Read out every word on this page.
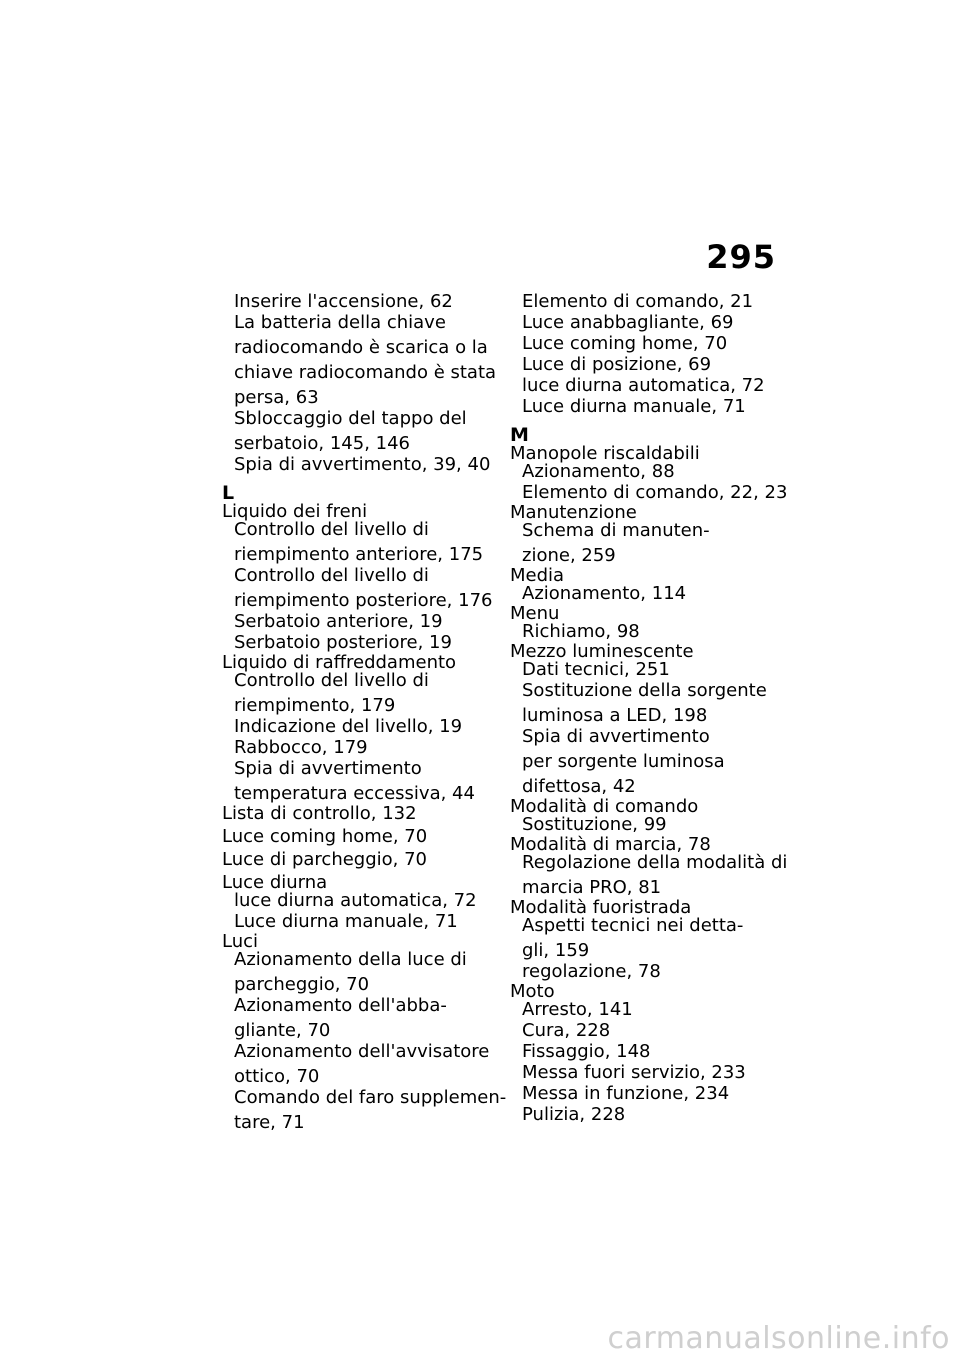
295
Inserire l'accensione, 62
La batteria della chiave
radiocomando è scarica o la
chiave radiocomando è stata
persa, 63
Sbloccaggio del tappo del
serbatoio, 145, 146
Spia di avvertimento, 39, 40
L
Liquido dei freni
Controllo del livello di
riempimento anteriore, 175
Controllo del livello di
riempimento posteriore, 176
Serbatoio anteriore, 19
Serbatoio posteriore, 19
Liquido di raffreddamento
Controllo del livello di
riempimento, 179
Indicazione del livello, 19
Rabbocco, 179
Spia di avvertimento
temperatura eccessiva, 44
Lista di controllo, 132
Luce coming home, 70
Luce di parcheggio, 70
Luce diurna
luce diurna automatica, 72
Luce diurna manuale, 71
Luci
Azionamento della luce di
parcheggio, 70
Azionamento dell'abba-
gliante, 70
Azionamento dell'avvisatore
ottico, 70
Comando del faro supplemen-
tare, 71
Elemento di comando, 21
Luce anabbagliante, 69
Luce coming home, 70
Luce di posizione, 69
luce diurna automatica, 72
Luce diurna manuale, 71
M
Manopole riscaldabili
Azionamento, 88
Elemento di comando, 22, 23
Manutenzione
Schema di manuten-
zione, 259
Media
Azionamento, 114
Menu
Richiamo, 98
Mezzo luminescente
Dati tecnici, 251
Sostituzione della sorgente
luminosa a LED, 198
Spia di avvertimento
per sorgente luminosa
difettosa, 42
Modalità di comando
Sostituzione, 99
Modalità di marcia, 78
Regolazione della modalità di
marcia PRO, 81
Modalità fuoristrada
Aspetti tecnici nei detta-
gli, 159
regolazione, 78
Moto
Arresto, 141
Cura, 228
Fissaggio, 148
Messa fuori servizio, 233
Messa in funzione, 234
Pulizia, 228
carmanualsonline.info
